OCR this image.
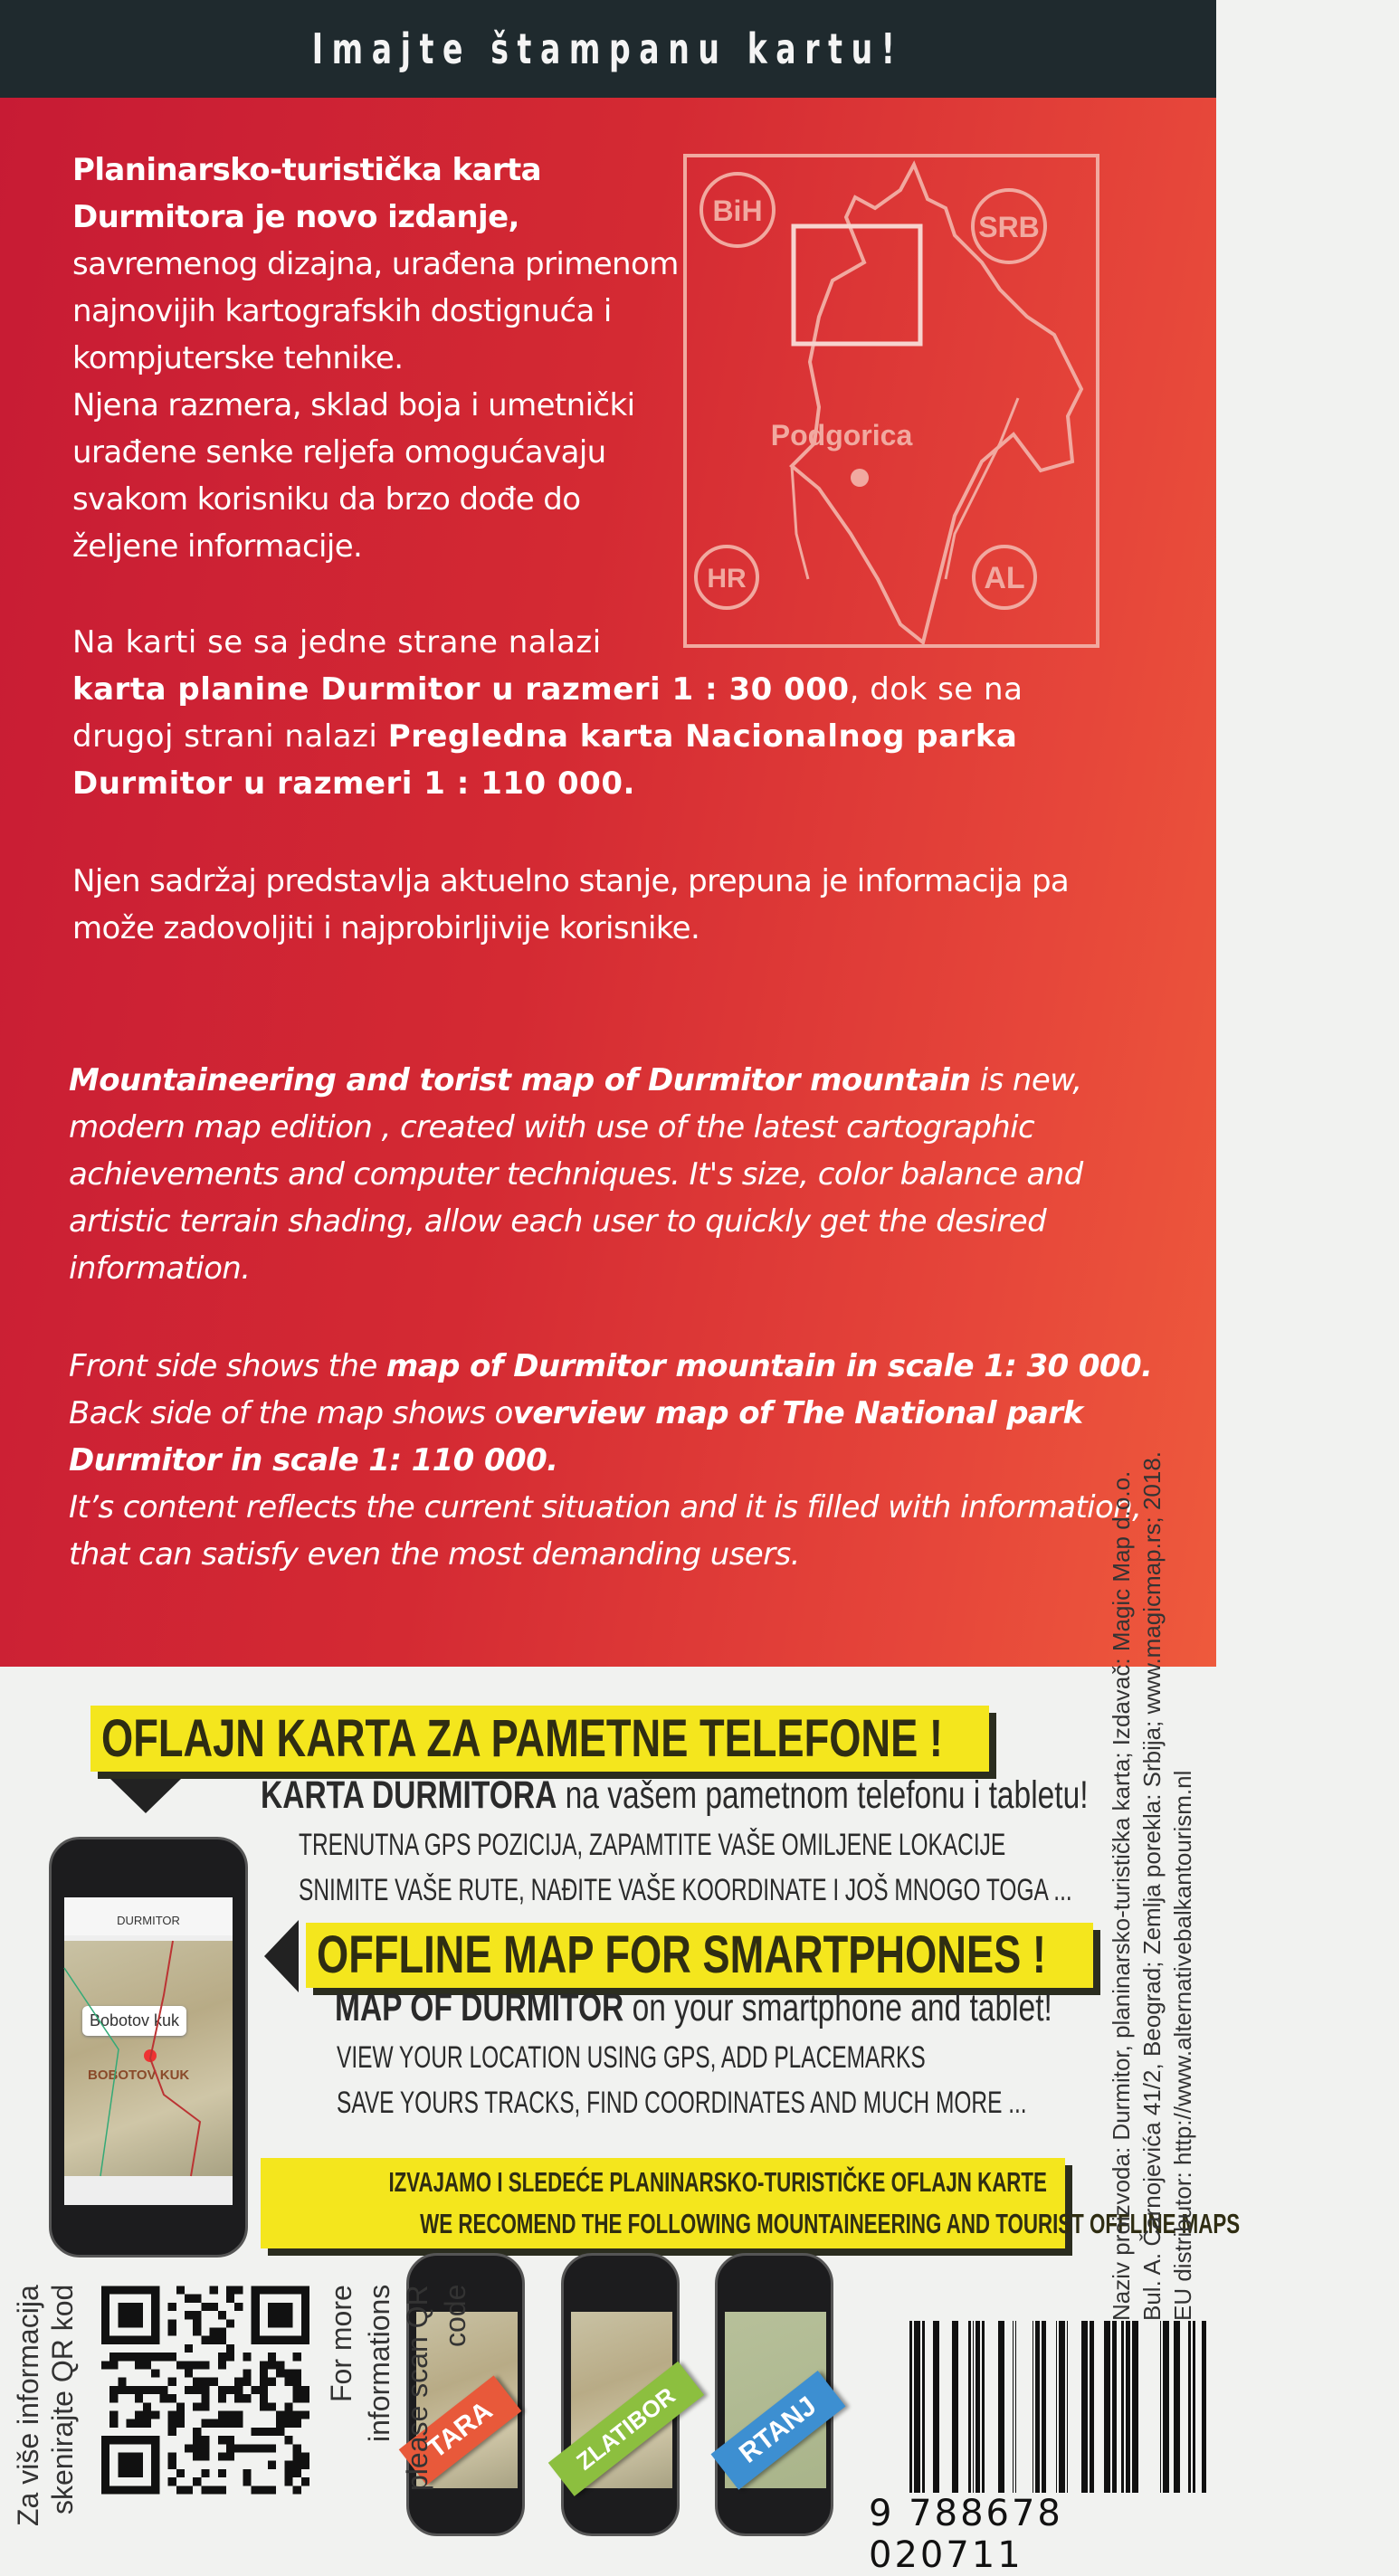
Imajte štampanu kartu!
Planinarsko-turistička karta Durmitora je novo izdanje, savremenog dizajna, urađena primenom najnovijih kartografskih dostignuća i kompjuterske tehnike.
Njena razmera, sklad boja i umetnički urađene senke reljefa omogućavaju svakom korisniku da brzo dođe do željene informacije.
BiH	SRB
HR	AL
Podgorica
Na karti se sa jedne strane nalazi
karta planine Durmitor u razmeri 1 : 30 000, dok se na drugoj strani nalazi Pregledna karta Nacionalnog parka Durmitor u razmeri 1 : 110 000.
Njen sadržaj predstavlja aktuelno stanje, prepuna je informacija pa može zadovoljiti i najprobirljivije korisnike.
Mountaineering and torist map of Durmitor mountain is new, modern map edition , created with use of the latest cartographic achievements and computer techniques. It's size, color balance and artistic terrain shading, allow each user to quickly get the desired information.
Front side shows the map of Durmitor mountain in scale 1: 30 000.
Back side of the map shows overview map of The National park Durmitor in scale 1: 110 000.
It’s content reflects the current situation and it is filled with information, that can satisfy even the most demanding users.
OFLAJN KARTA ZA PAMETNE TELEFONE !
KARTA DURMITORA na vašem pametnom telefonu i tabletu!
TRENUTNA GPS POZICIJA, ZAPAMTITE VAŠE OMILJENE LOKACIJE
SNIMITE VAŠE RUTE, NAĐITE VAŠE KOORDINATE I JOŠ MNOGO TOGA ...
OFFLINE MAP FOR SMARTPHONES !
MAP OF DURMITOR on your smartphone and tablet!
VIEW YOUR LOCATION USING GPS, ADD PLACEMARKS
SAVE YOURS TRACKS, FIND COORDINATES AND MUCH MORE ...
DURMITOR
Bobotov kuk
BOBOTOV KUK
IZVAJAMO I SLEDEĆE PLANINARSKO-TURISTIČKE OFLAJN KARTE
WE RECOMEND THE FOLLOWING MOUNTAINEERING AND TOURIST OFFLINE MAPS
TARA	ZLATIBOR	RTANJ
Za više informacija skenirajte QR kod	For more informations please scan QR code	Naziv proizvoda: Durmitor, planinarsko-turistička karta; Izdavač: Magic Map d.o.o. Bul. A. Čarnojevića 41/2, Beograd; Zemlja porekla: Srbija; www.magicmap.rs; 2018. EU distributor: http://www.alternativebalkantourism.nl
9 788678 020711
